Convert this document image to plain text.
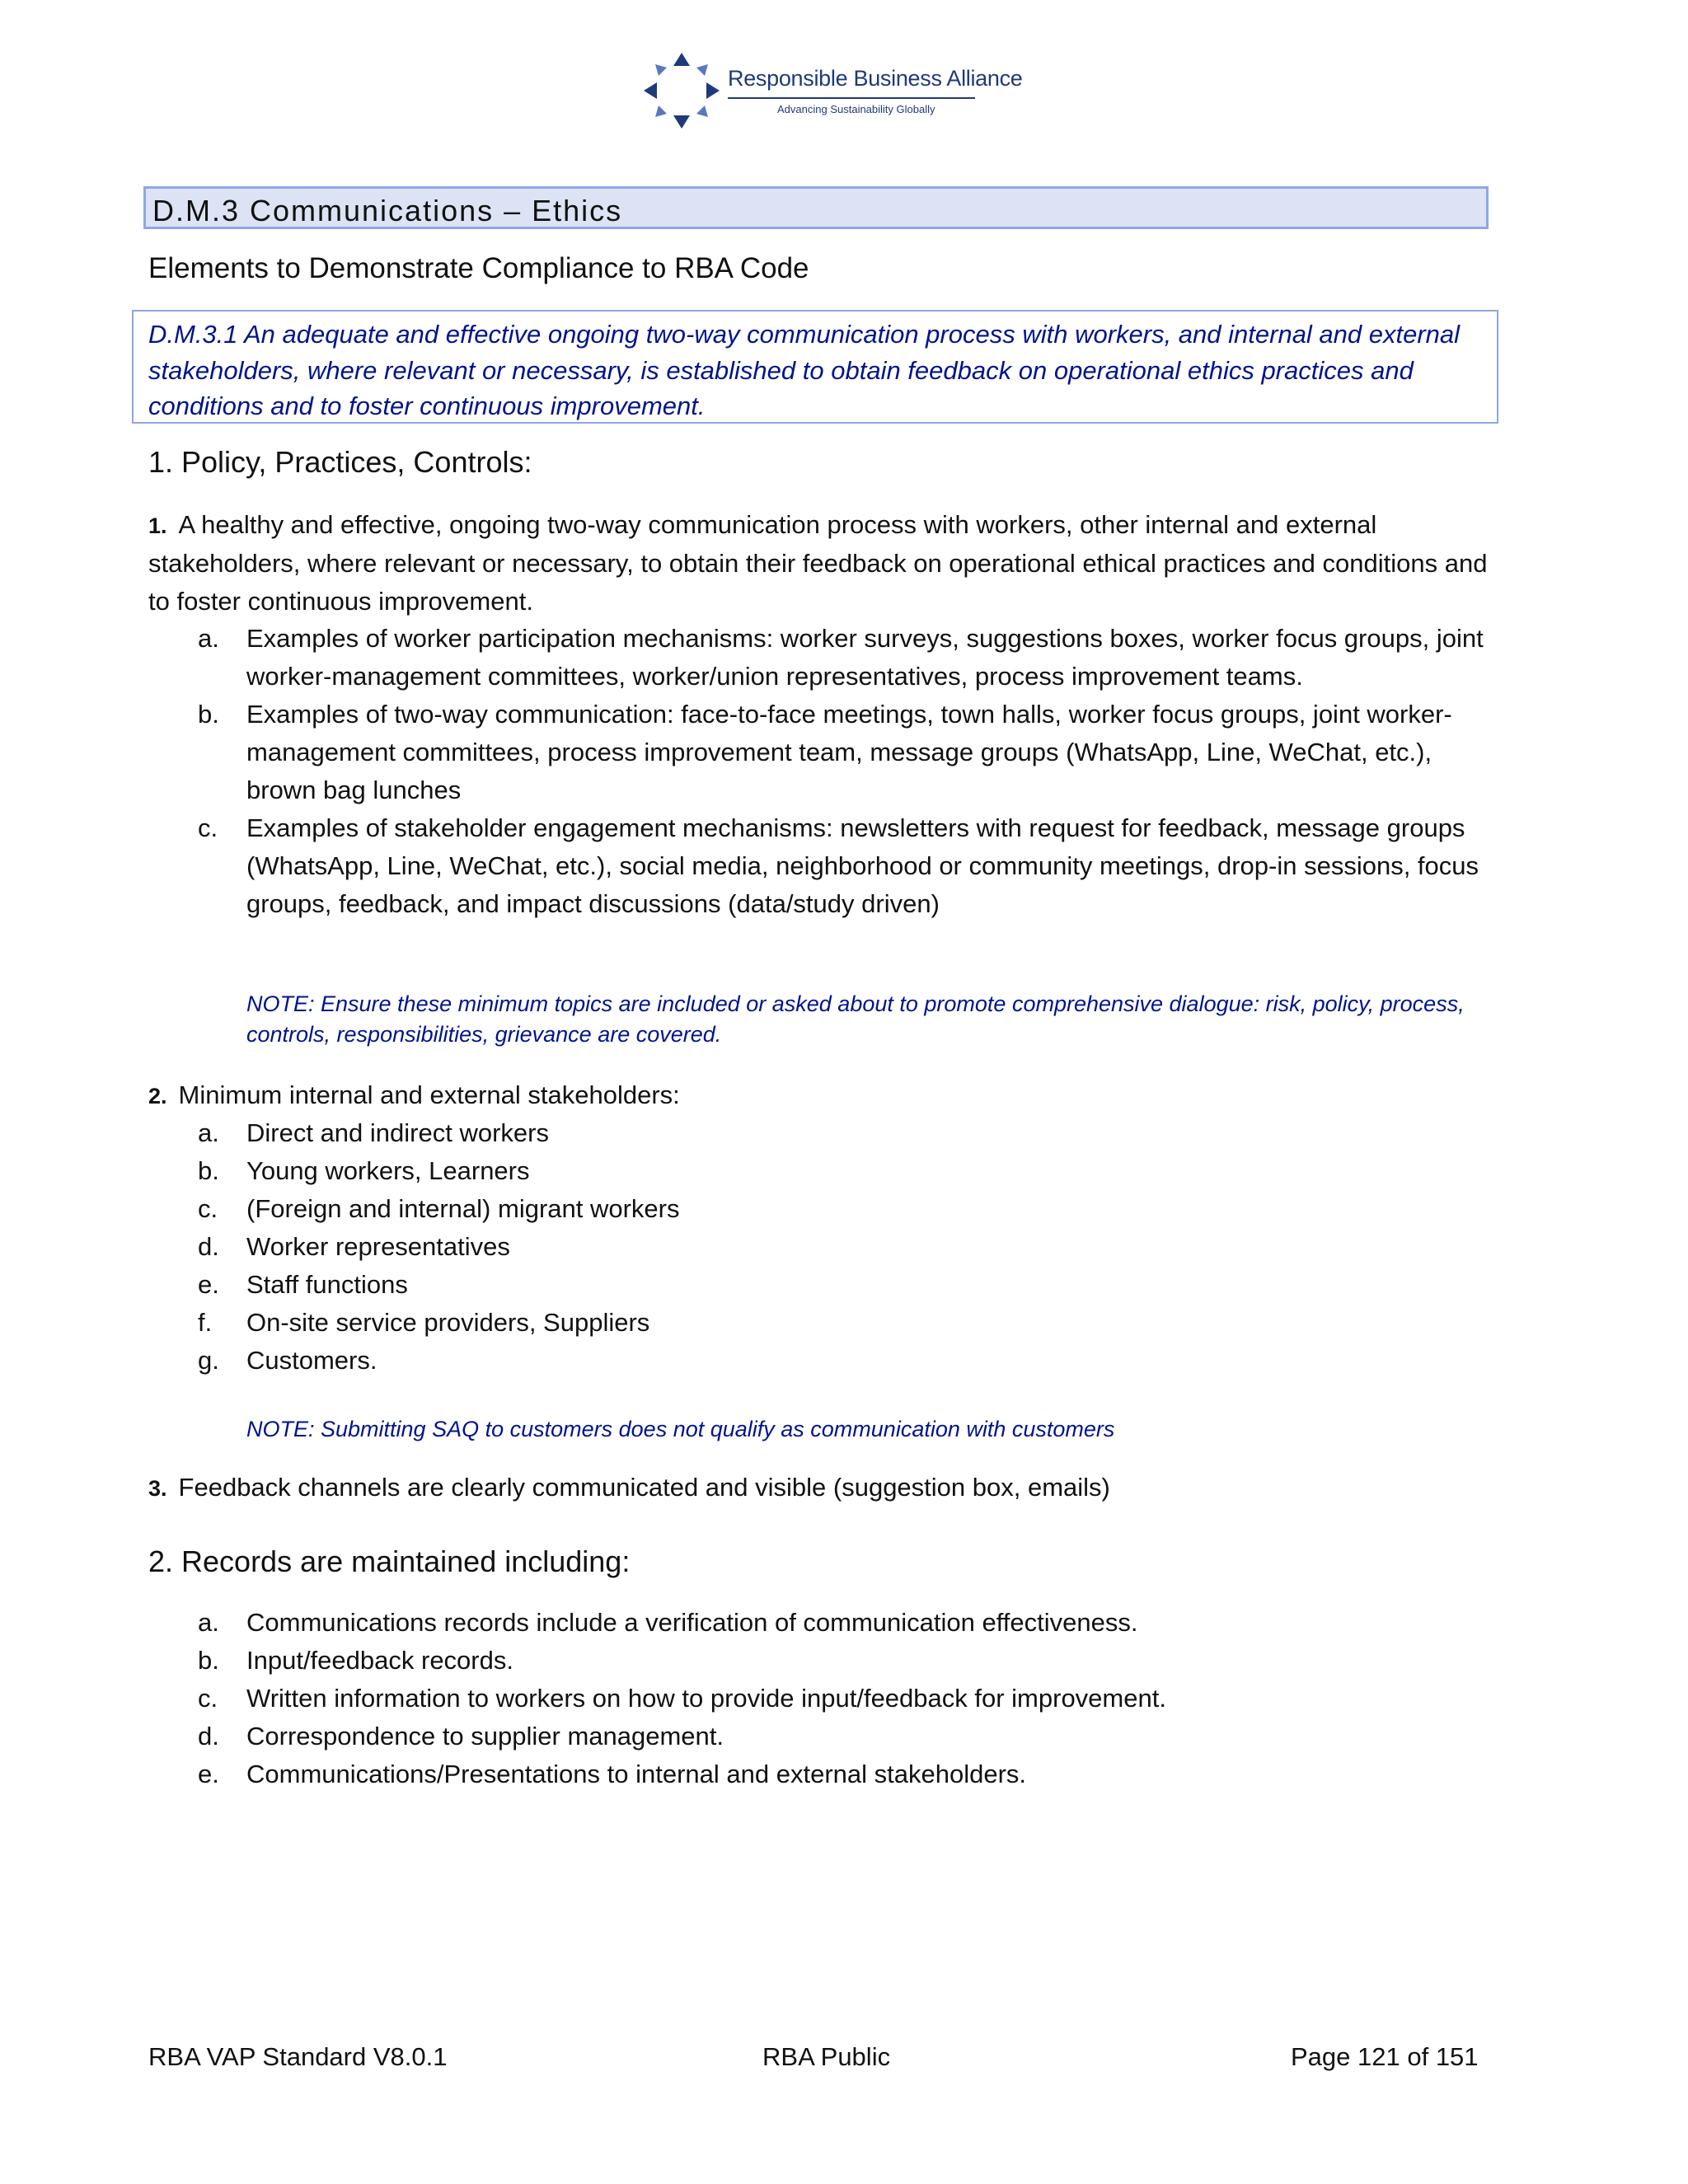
Responsible Business Alliance
Advancing Sustainability Globally
D.M.3 Communications – Ethics
Elements to Demonstrate Compliance to RBA Code
D.M.3.1 An adequate and effective ongoing two-way communication process with workers, and internal and external stakeholders, where relevant or necessary, is established to obtain feedback on operational ethics practices and conditions and to foster continuous improvement.
1. Policy, Practices, Controls:
1. A healthy and effective, ongoing two-way communication process with workers, other internal and external stakeholders, where relevant or necessary, to obtain their feedback on operational ethical practices and conditions and to foster continuous improvement.
a. Examples of worker participation mechanisms: worker surveys, suggestions boxes, worker focus groups, joint worker-management committees, worker/union representatives, process improvement teams.
b. Examples of two-way communication: face-to-face meetings, town halls, worker focus groups, joint worker-management committees, process improvement team, message groups (WhatsApp, Line, WeChat, etc.), brown bag lunches
c. Examples of stakeholder engagement mechanisms: newsletters with request for feedback, message groups (WhatsApp, Line, WeChat, etc.), social media, neighborhood or community meetings, drop-in sessions, focus groups, feedback, and impact discussions (data/study driven)
NOTE: Ensure these minimum topics are included or asked about to promote comprehensive dialogue: risk, policy, process, controls, responsibilities, grievance are covered.
2. Minimum internal and external stakeholders:
a. Direct and indirect workers
b. Young workers, Learners
c. (Foreign and internal) migrant workers
d. Worker representatives
e. Staff functions
f. On-site service providers, Suppliers
g. Customers.
NOTE: Submitting SAQ to customers does not qualify as communication with customers
3. Feedback channels are clearly communicated and visible (suggestion box, emails)
2. Records are maintained including:
a. Communications records include a verification of communication effectiveness.
b. Input/feedback records.
c. Written information to workers on how to provide input/feedback for improvement.
d. Correspondence to supplier management.
e. Communications/Presentations to internal and external stakeholders.
RBA VAP Standard V8.0.1	RBA Public	Page 121 of 151
